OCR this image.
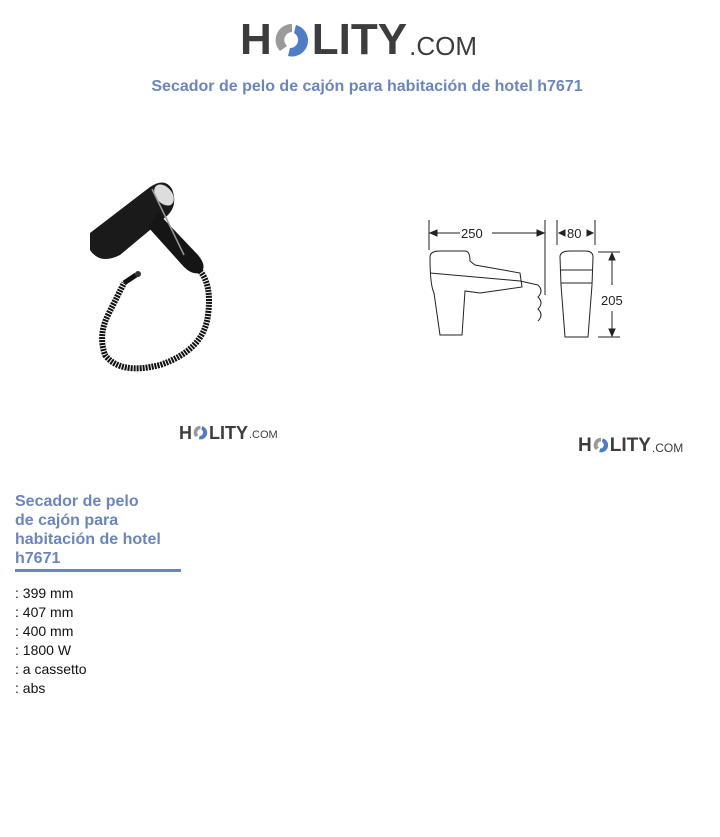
H LITY .COM
Secador de pelo de cajón para habitación de hotel h7671
H LITY .COM
250	80
205
H LITY .COM
Secador de pelo
de cajón para
habitación de hotel
h7671
: 399 mm
: 407 mm
: 400 mm
: 1800 W
: a cassetto
: abs
